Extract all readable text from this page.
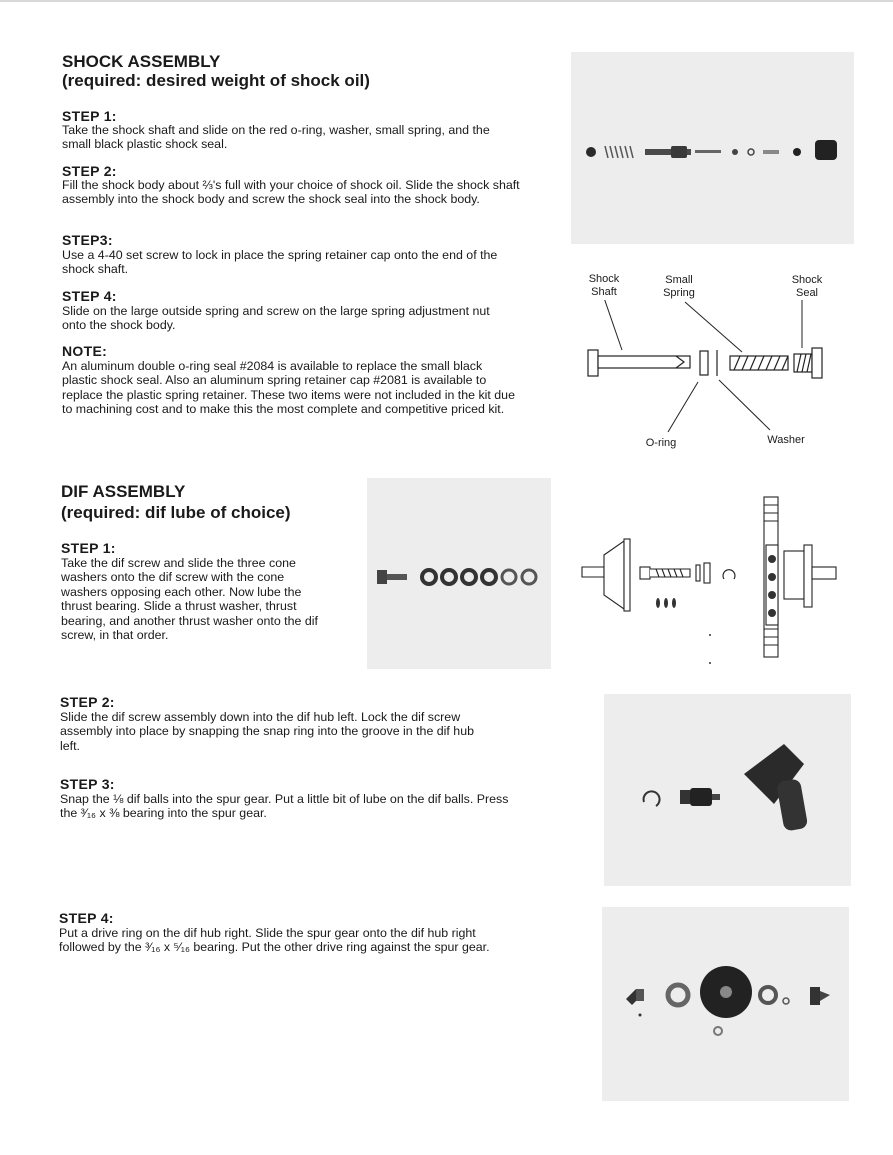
SHOCK ASSEMBLY
(required: desired weight of shock oil)
STEP 1:
Take the shock shaft and slide on the red o-ring, washer, small spring, and the small black plastic shock seal.
STEP 2:
Fill the shock body about ⅔'s full with your choice of shock oil. Slide the shock shaft assembly into the shock body and screw the shock seal into the shock body.
STEP3:
Use a 4-40 set screw to lock in place the spring retainer cap onto the end of the shock shaft.
STEP 4:
Slide on the large outside spring and screw on the large spring adjustment nut onto the shock body.
NOTE:
An aluminum double o-ring seal #2084 is available to replace the small black plastic shock seal. Also an aluminum spring retainer cap #2081 is available to replace the plastic spring retainer. These two items were not included in the kit due to machining cost and to make this the most complete and competitive priced kit.
Shock Shaft
Small Spring
Shock Seal
O-ring	Washer
DIF ASSEMBLY
(required: dif lube of choice)
STEP 1:
Take the dif screw and slide the three cone washers onto the dif screw with the cone washers opposing each other. Now lube the thrust bearing. Slide a thrust washer, thrust bearing, and another thrust washer onto the dif screw, in that order.
STEP 2:
Slide the dif screw assembly down into the dif hub left. Lock the dif screw assembly into place by snapping the snap ring into the groove in the dif hub left.
STEP 3:
Snap the ⅛ dif balls into the spur gear. Put a little bit of lube on the dif balls. Press the ³⁄₁₆ x ⅜ bearing into the spur gear.
STEP 4:
Put a drive ring on the dif hub right. Slide the spur gear onto the dif hub right followed by the ³⁄₁₆ x ⁵⁄₁₆ bearing. Put the other drive ring against the spur gear.
